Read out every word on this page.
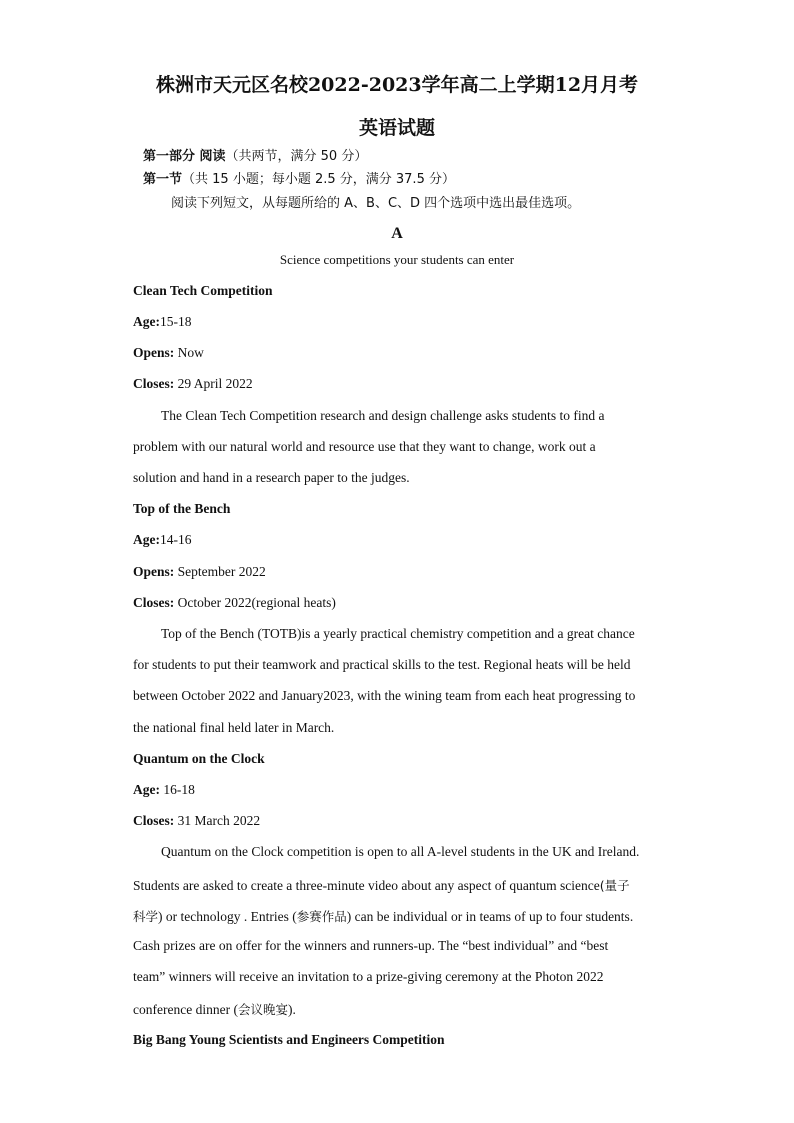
株洲市天元区名校2022-2023学年高二上学期12月月考
英语试题
第一部分 阅读（共两节，满分 50 分）
第一节（共 15 小题；每小题 2.5 分，满分 37.5 分）
阅读下列短文，从每题所给的 A、B、C、D 四个选项中选出最佳选项。
A
Science competitions your students can enter
Clean Tech Competition
Age:15-18
Opens: Now
Closes: 29 April 2022
The Clean Tech Competition research and design challenge asks students to find a
problem with our natural world and resource use that they want to change, work out a
solution and hand in a research paper to the judges.
Top of the Bench
Age:14-16
Opens: September 2022
Closes: October 2022(regional heats)
Top of the Bench (TOTB)is a yearly practical chemistry competition and a great chance
for students to put their teamwork and practical skills to the test. Regional heats will be held
between October 2022 and January2023, with the wining team from each heat progressing to
the national final held later in March.
Quantum on the Clock
Age: 16-18
Closes: 31 March 2022
Quantum on the Clock competition is open to all A-level students in the UK and Ireland.
Students are asked to create a three-minute video about any aspect of quantum science(量子
科学) or technology . Entries (参赛作品) can be individual or in teams of up to four students.
Cash prizes are on offer for the winners and runners-up. The “best individual” and “best
team” winners will receive an invitation to a prize-giving ceremony at the Photon 2022
conference dinner (会议晚宴).
Big Bang Young Scientists and Engineers Competition
